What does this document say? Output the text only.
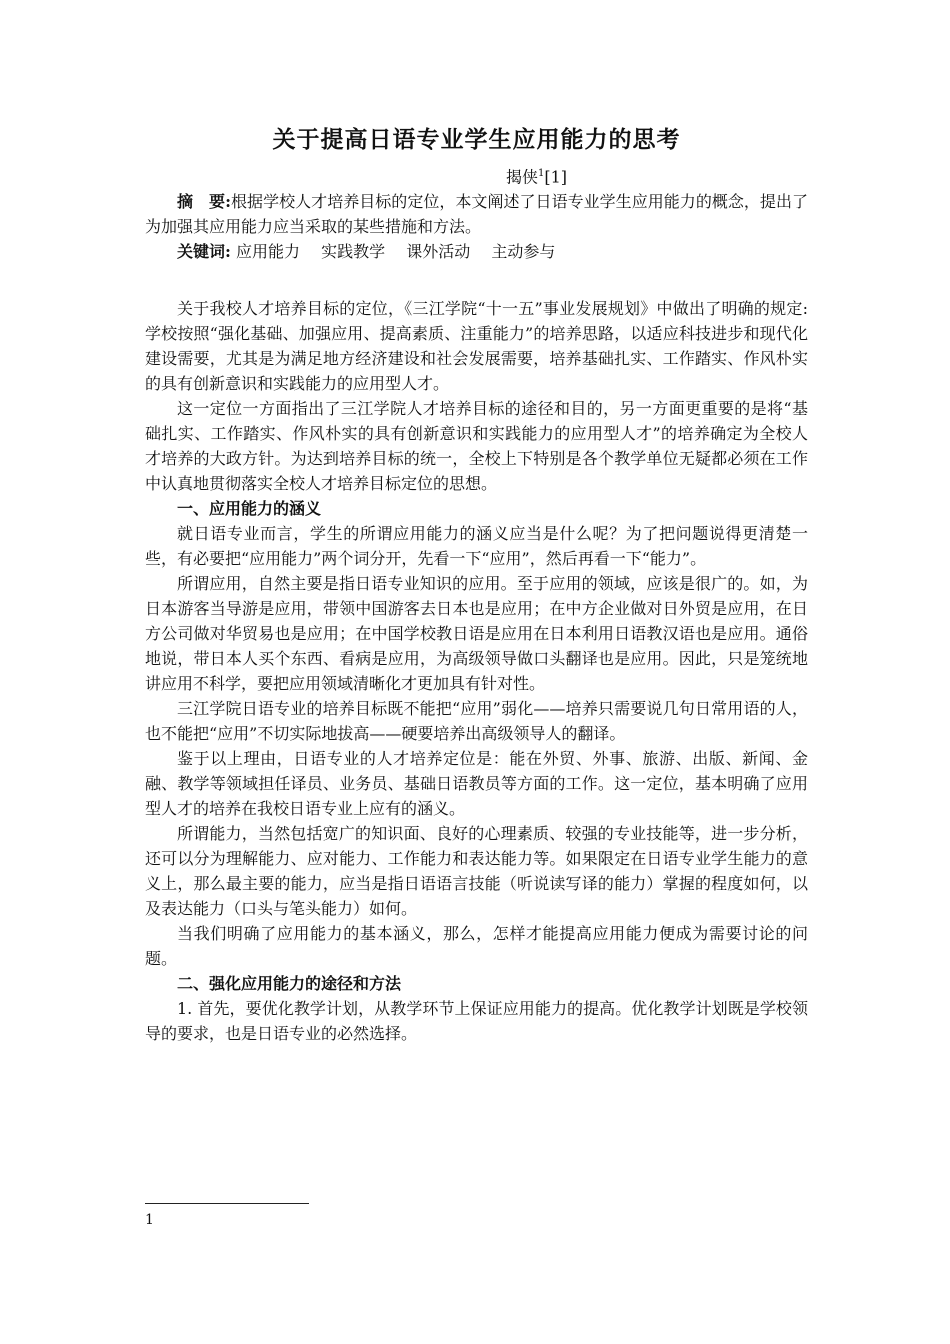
关于提高日语专业学生应用能力的思考
揭侠$^1$[1]

摘　要:根据学校人才培养目标的定位，本文阐述了日语专业学生应用能力的概念，提出了为加强其应用能力应当采取的某些措施和方法。

关键词: 应用能力 实践教学 课外活动 主动参与

关于我校人才培养目标的定位，《三江学院“十一五”事业发展规划》中做出了明确的规定:学校按照“强化基础、加强应用、提高素质、注重能力”的培养思路，以适应科技进步和现代化建设需要，尤其是为满足地方经济建设和社会发展需要，培养基础扎实、工作踏实、作风朴实的具有创新意识和实践能力的应用型人才。

这一定位一方面指出了三江学院人才培养目标的途径和目的，另一方面更重要的是将“基础扎实、工作踏实、作风朴实的具有创新意识和实践能力的应用型人才”的培养确定为全校人才培养的大政方针。为达到培养目标的统一，全校上下特别是各个教学单位无疑都必须在工作中认真地贯彻落实全校人才培养目标定位的思想。

一、应用能力的涵义

就日语专业而言，学生的所谓应用能力的涵义应当是什么呢？为了把问题说得更清楚一些，有必要把“应用能力”两个词分开，先看一下“应用”，然后再看一下“能力”。

所谓应用，自然主要是指日语专业知识的应用。至于应用的领域，应该是很广的。如，为日本游客当导游是应用，带领中国游客去日本也是应用；在中方企业做对日外贸是应用，在日方公司做对华贸易也是应用；在中国学校教日语是应用在日本利用日语教汉语也是应用。通俗地说，带日本人买个东西、看病是应用，为高级领导做口头翻译也是应用。因此，只是笼统地讲应用不科学，要把应用领域清晰化才更加具有针对性。

三江学院日语专业的培养目标既不能把“应用”弱化——培养只需要说几句日常用语的人，也不能把“应用”不切实际地拔高——硬要培养出高级领导人的翻译。

鉴于以上理由，日语专业的人才培养定位是：能在外贸、外事、旅游、出版、新闻、金融、教学等领域担任译员、业务员、基础日语教员等方面的工作。这一定位，基本明确了应用型人才的培养在我校日语专业上应有的涵义。

所谓能力，当然包括宽广的知识面、良好的心理素质、较强的专业技能等，进一步分析，还可以分为理解能力、应对能力、工作能力和表达能力等。如果限定在日语专业学生能力的意义上，那么最主要的能力，应当是指日语语言技能（听说读写译的能力）掌握的程度如何，以及表达能力（口头与笔头能力）如何。

当我们明确了应用能力的基本涵义，那么，怎样才能提高应用能力便成为需要讨论的问题。

二、强化应用能力的途径和方法

1. 首先，要优化教学计划，从教学环节上保证应用能力的提高。优化教学计划既是学校领导的要求，也是日语专业的必然选择。

1
